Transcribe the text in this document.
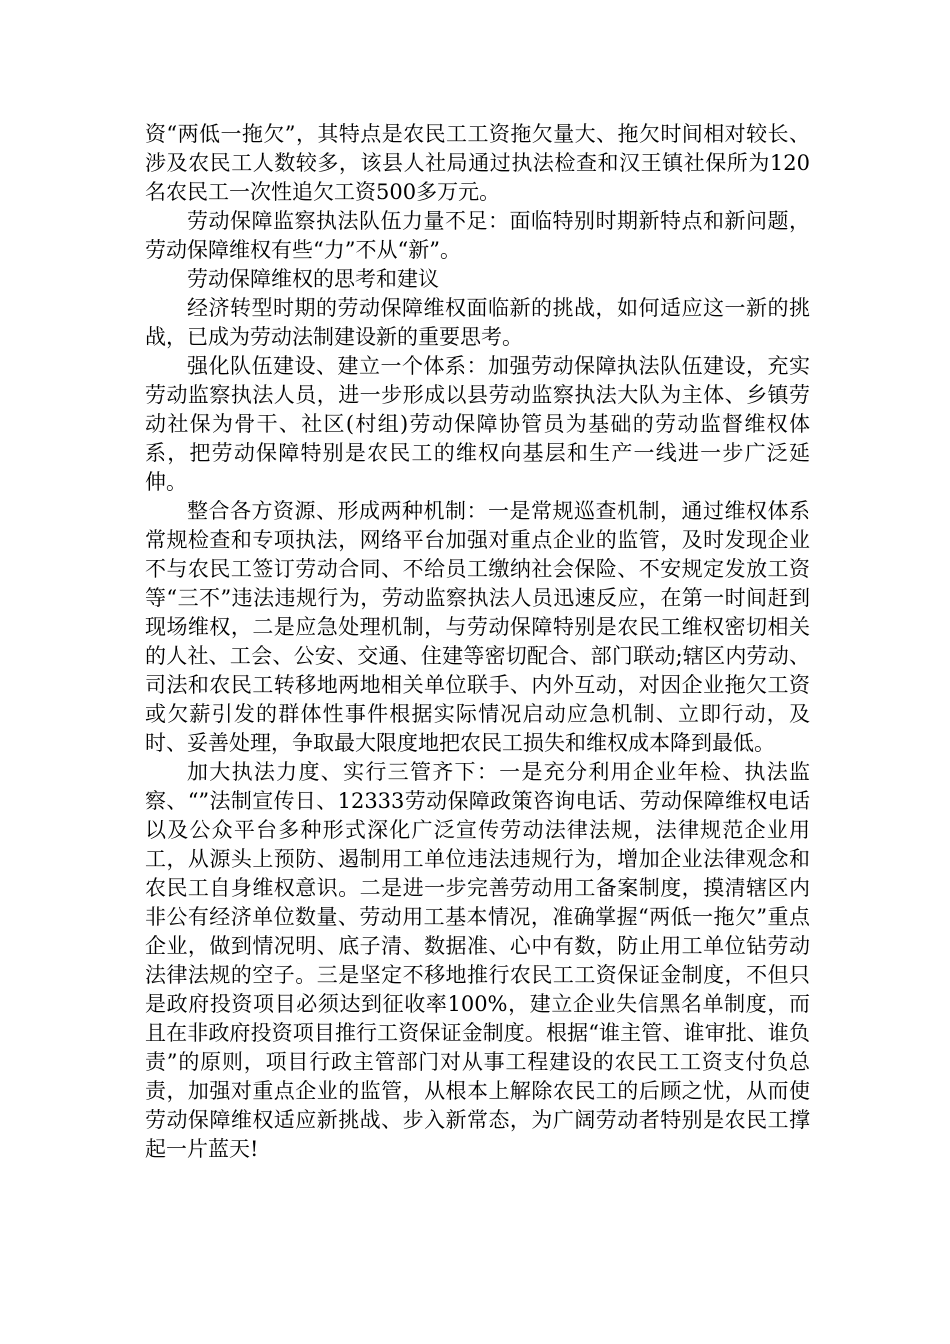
资“两低一拖欠”，其特点是农民工工资拖欠量大、拖欠时间相对较长、涉及农民工人数较多，该县人社局通过执法检查和汉王镇社保所为120名农民工一次性追欠工资500多万元。

劳动保障监察执法队伍力量不足：面临特别时期新特点和新问题，劳动保障维权有些“力”不从“新”。

劳动保障维权的思考和建议

经济转型时期的劳动保障维权面临新的挑战，如何适应这一新的挑战，已成为劳动法制建设新的重要思考。

强化队伍建设、建立一个体系：加强劳动保障执法队伍建设，充实劳动监察执法人员，进一步形成以县劳动监察执法大队为主体、乡镇劳动社保为骨干、社区(村组)劳动保障协管员为基础的劳动监督维权体系，把劳动保障特别是农民工的维权向基层和生产一线进一步广泛延伸。

整合各方资源、形成两种机制：一是常规巡查机制，通过维权体系常规检查和专项执法，网络平台加强对重点企业的监管，及时发现企业不与农民工签订劳动合同、不给员工缴纳社会保险、不安规定发放工资等“三不”违法违规行为，劳动监察执法人员迅速反应，在第一时间赶到现场维权，二是应急处理机制，与劳动保障特别是农民工维权密切相关的人社、工会、公安、交通、住建等密切配合、部门联动;辖区内劳动、司法和农民工转移地两地相关单位联手、内外互动，对因企业拖欠工资或欠薪引发的群体性事件根据实际情况启动应急机制、立即行动，及时、妥善处理，争取最大限度地把农民工损失和维权成本降到最低。

加大执法力度、实行三管齐下：一是充分利用企业年检、执法监察、“”法制宣传日、12333劳动保障政策咨询电话、劳动保障维权电话以及公众平台多种形式深化广泛宣传劳动法律法规，法律规范企业用工，从源头上预防、遏制用工单位违法违规行为，增加企业法律观念和农民工自身维权意识。二是进一步完善劳动用工备案制度，摸清辖区内非公有经济单位数量、劳动用工基本情况，准确掌握“两低一拖欠”重点企业，做到情况明、底子清、数据准、心中有数，防止用工单位钻劳动法律法规的空子。三是坚定不移地推行农民工工资保证金制度，不但只是政府投资项目必须达到征收率100%，建立企业失信黑名单制度，而且在非政府投资项目推行工资保证金制度。根据“谁主管、谁审批、谁负责”的原则，项目行政主管部门对从事工程建设的农民工工资支付负总责，加强对重点企业的监管，从根本上解除农民工的后顾之忧，从而使劳动保障维权适应新挑战、步入新常态，为广阔劳动者特别是农民工撑起一片蓝天!
